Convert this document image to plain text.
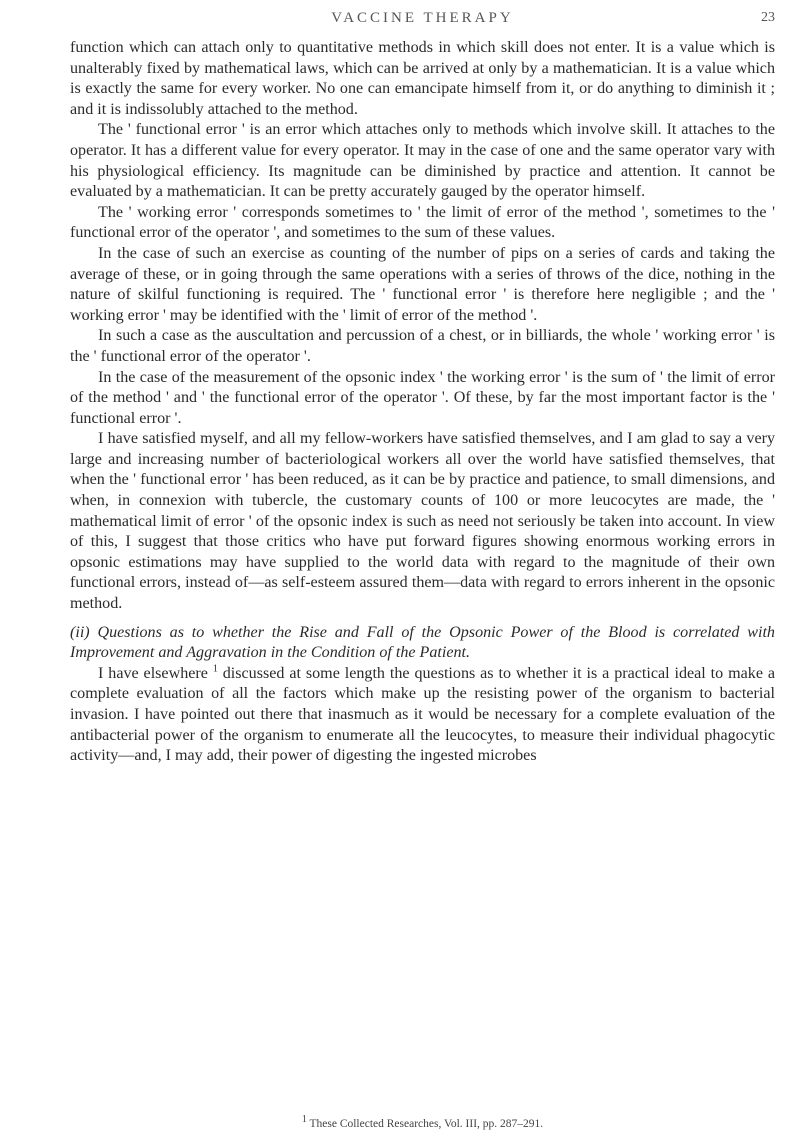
VACCINE THERAPY	23

function which can attach only to quantitative methods in which skill does not enter. It is a value which is unalterably fixed by mathematical laws, which can be arrived at only by a mathematician. It is a value which is exactly the same for every worker. No one can emancipate himself from it, or do anything to diminish it ; and it is indissolubly attached to the method.

The ' functional error ' is an error which attaches only to methods which involve skill. It attaches to the operator. It has a different value for every operator. It may in the case of one and the same operator vary with his physiological efficiency. Its magnitude can be diminished by practice and attention. It cannot be evaluated by a mathematician. It can be pretty accurately gauged by the operator himself.

The ' working error ' corresponds sometimes to ' the limit of error of the method ', sometimes to the ' functional error of the operator ', and sometimes to the sum of these values.

In the case of such an exercise as counting of the number of pips on a series of cards and taking the average of these, or in going through the same operations with a series of throws of the dice, nothing in the nature of skilful functioning is required. The ' functional error ' is therefore here negligible ; and the ' working error ' may be identified with the ' limit of error of the method '.

In such a case as the auscultation and percussion of a chest, or in billiards, the whole ' working error ' is the ' functional error of the operator '.

In the case of the measurement of the opsonic index ' the working error ' is the sum of ' the limit of error of the method ' and ' the functional error of the operator '. Of these, by far the most important factor is the ' functional error '.

I have satisfied myself, and all my fellow-workers have satisfied themselves, and I am glad to say a very large and increasing number of bacteriological workers all over the world have satisfied themselves, that when the ' functional error ' has been reduced, as it can be by practice and patience, to small dimensions, and when, in connexion with tubercle, the customary counts of 100 or more leucocytes are made, the ' mathematical limit of error ' of the opsonic index is such as need not seriously be taken into account. In view of this, I suggest that those critics who have put forward figures showing enormous working errors in opsonic estimations may have supplied to the world data with regard to the magnitude of their own functional errors, instead of—as self-esteem assured them—data with regard to errors inherent in the opsonic method.

(ii) Questions as to whether the Rise and Fall of the Opsonic Power of the Blood is correlated with Improvement and Aggravation in the Condition of the Patient.

I have elsewhere $^1$ discussed at some length the questions as to whether it is a practical ideal to make a complete evaluation of all the factors which make up the resisting power of the organism to bacterial invasion. I have pointed out there that inasmuch as it would be necessary for a complete evaluation of the antibacterial power of the organism to enumerate all the leucocytes, to measure their individual phagocytic activity—and, I may add, their power of digesting the ingested microbes

$^1$ These Collected Researches, Vol. III, pp. 287–291.
